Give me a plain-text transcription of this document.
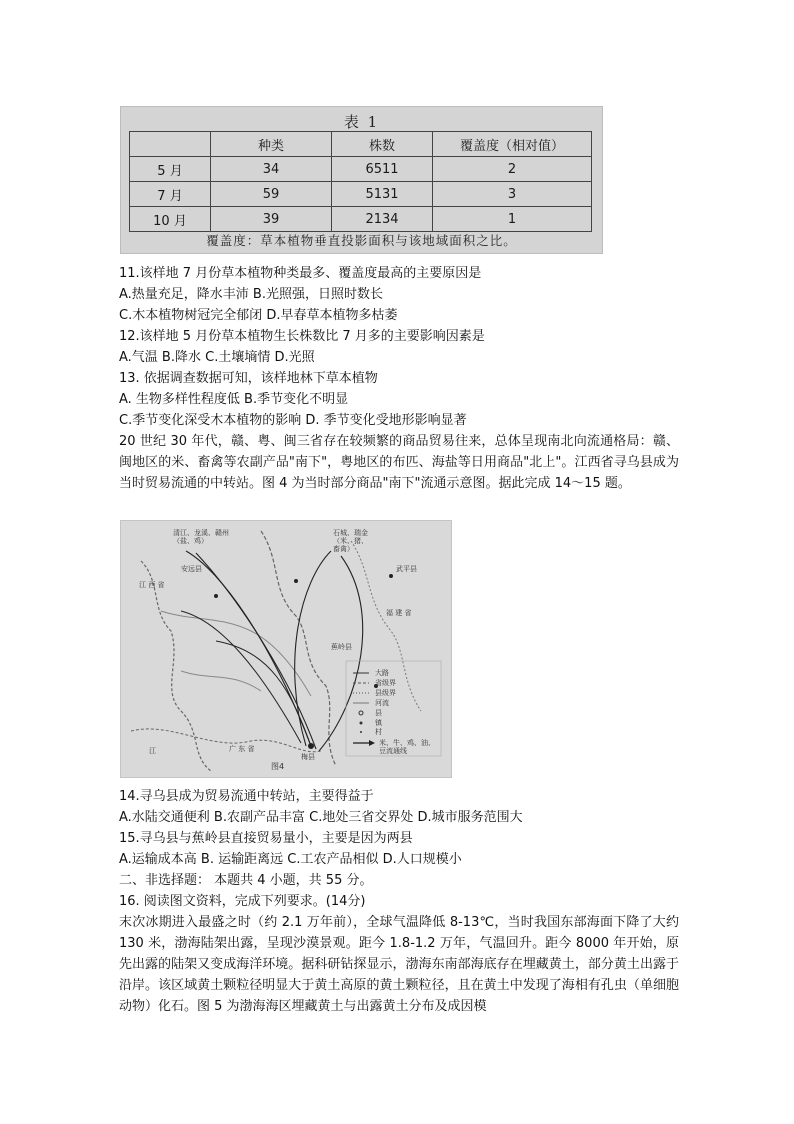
表 1
	种类	株数	覆盖度（相对值）
5 月	34	6511	2
7 月	59	5131	3
10 月	39	2134	1
覆盖度：草本植物垂直投影面积与该地域面积之比。
11.该样地 7 月份草本植物种类最多、覆盖度最高的主要原因是
A.热量充足，降水丰沛 B.光照强，日照时数长
C.木本植物树冠完全郁闭 D.早春草本植物多枯萎
12.该样地 5 月份草本植物生长株数比 7 月多的主要影响因素是
A.气温 B.降水 C.土壤墒情 D.光照
13. 依据调查数据可知，该样地林下草本植物
A. 生物多样性程度低 B.季节变化不明显
C.季节变化深受木本植物的影响 D. 季节变化受地形影响显著
20 世纪 30 年代，赣、粤、闽三省存在较频繁的商品贸易往来，总体呈现南北向流通格局：赣、闽地区的米、畜禽等农副产品"南下"，粤地区的布匹、海盐等日用商品"北上"。江西省寻乌县成为当时贸易流通的中转站。图 4 为当时部分商品"南下"流通示意图。据此完成 14～15 题。
清江、龙溪、赣州
（盐、鸡）
石城、瑞金
（米、猪、
畜禽）
江 西 省
福 建 省
广 东 省
安远县	武平县
蕉岭县
梅县
江
大路
省级界
县级界
河流
县
镇
村
米、牛、鸡、油、豆流通线
图4
14.寻乌县成为贸易流通中转站，主要得益于
A.水陆交通便利 B.农副产品丰富 C.地处三省交界处 D.城市服务范围大
15.寻乌县与蕉岭县直接贸易量小，主要是因为两县
A.运输成本高 B. 运输距离远 C.工农产品相似 D.人口规模小
二、非选择题： 本题共 4 小题，共 55 分。
16. 阅读图文资料，完成下列要求。(14分)
末次冰期进入最盛之时（约 2.1 万年前），全球气温降低 8-13℃，当时我国东部海面下降了大约 130 米，渤海陆架出露，呈现沙漠景观。距今 1.8-1.2 万年，气温回升。距今 8000 年开始，原先出露的陆架又变成海洋环境。据科研钻探显示，渤海东南部海底存在埋藏黄土，部分黄土出露于沿岸。该区域黄土颗粒径明显大于黄土高原的黄土颗粒径，且在黄土中发现了海相有孔虫（单细胞动物）化石。图 5 为渤海海区埋藏黄土与出露黄土分布及成因模
